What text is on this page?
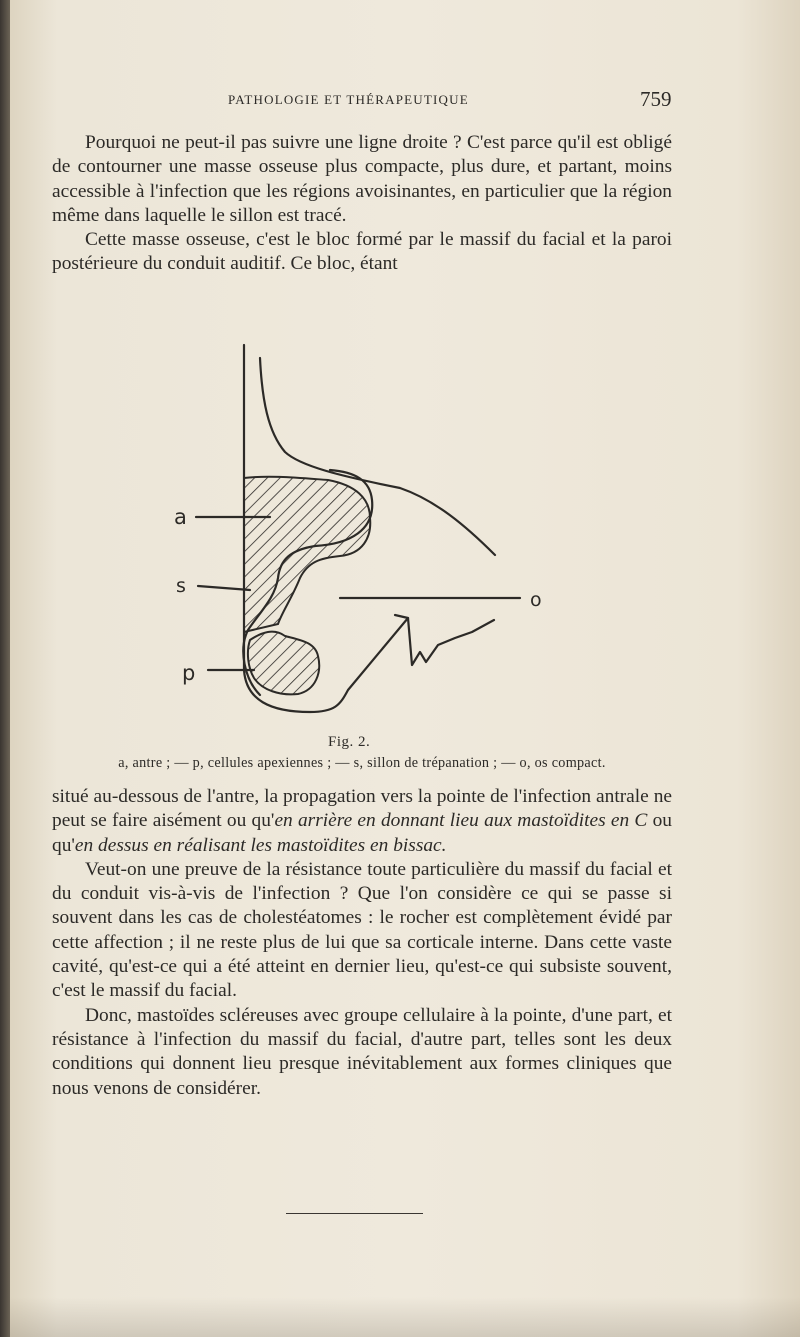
PATHOLOGIE ET THÉRAPEUTIQUE	759

Pourquoi ne peut-il pas suivre une ligne droite ? C'est parce qu'il est obligé de contourner une masse osseuse plus compacte, plus dure, et partant, moins accessible à l'infection que les régions avoisinantes, en particulier que la région même dans laquelle le sillon est tracé.

Cette masse osseuse, c'est le bloc formé par le massif du facial et la paroi postérieure du conduit auditif. Ce bloc, étant

a
s
o
p
Fig. 2.
a, antre ; — p, cellules apexiennes ; — s, sillon de trépanation ; — o, os compact.

situé au-dessous de l'antre, la propagation vers la pointe de l'infection antrale ne peut se faire aisément ou qu'en arrière en donnant lieu aux mastoïdites en C ou qu'en dessus en réalisant les mastoïdites en bissac.

Veut-on une preuve de la résistance toute particulière du massif du facial et du conduit vis-à-vis de l'infection ? Que l'on considère ce qui se passe si souvent dans les cas de cholestéatomes : le rocher est complètement évidé par cette affection ; il ne reste plus de lui que sa corticale interne. Dans cette vaste cavité, qu'est-ce qui a été atteint en dernier lieu, qu'est-ce qui subsiste souvent, c'est le massif du facial.

Donc, mastoïdes scléreuses avec groupe cellulaire à la pointe, d'une part, et résistance à l'infection du massif du facial, d'autre part, telles sont les deux conditions qui donnent lieu presque inévitablement aux formes cliniques que nous venons de considérer.
